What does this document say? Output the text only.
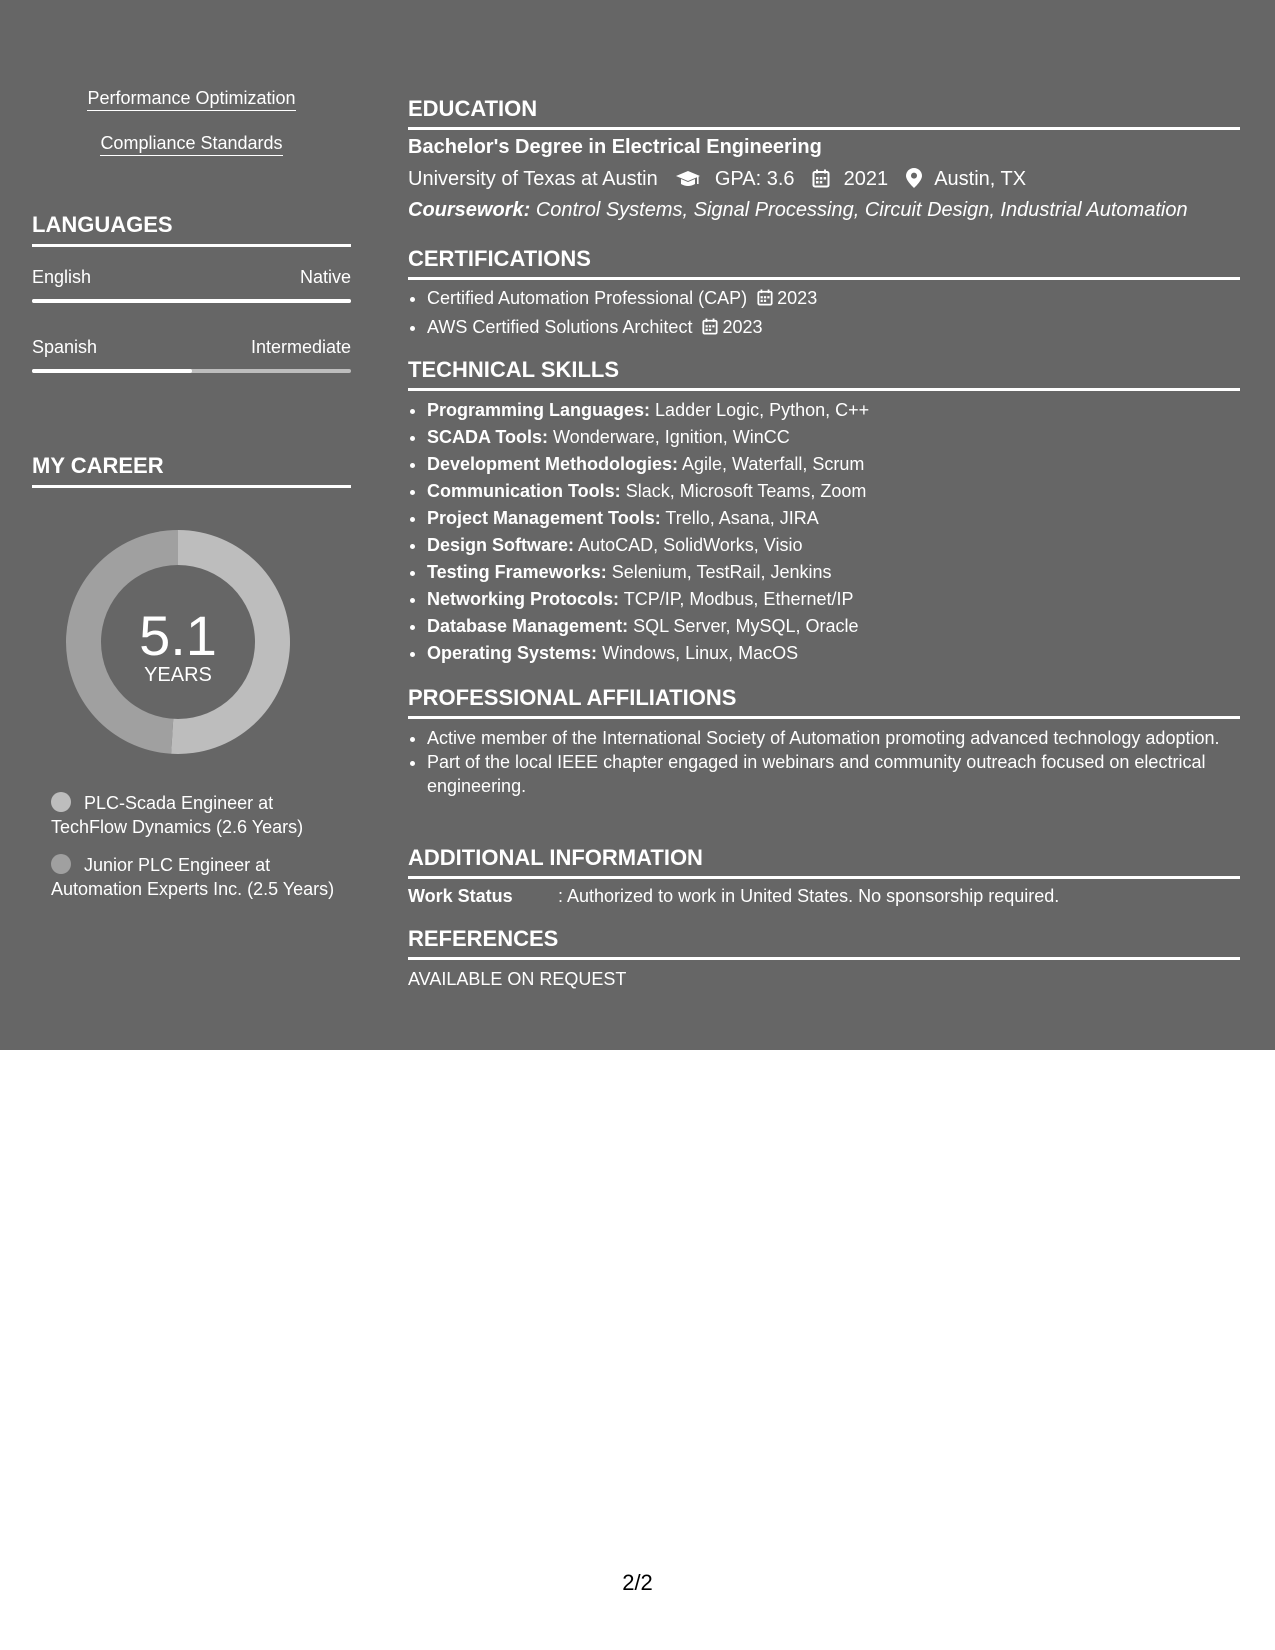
Performance Optimization
Compliance Standards
LANGUAGES
English	Native
Spanish	Intermediate
MY CAREER
5.1
YEARS
PLC-Scada Engineer at TechFlow Dynamics (2.6 Years)
Junior PLC Engineer at Automation Experts Inc. (2.5 Years)
EDUCATION
Bachelor's Degree in Electrical Engineering
University of Texas at Austin	GPA: 3.6 2021 Austin, TX
Coursework: Control Systems, Signal Processing, Circuit Design, Industrial Automation
CERTIFICATIONS
• Certified Automation Professional (CAP) 2023
• AWS Certified Solutions Architect 2023
TECHNICAL SKILLS
• Programming Languages: Ladder Logic, Python, C++
• SCADA Tools: Wonderware, Ignition, WinCC
• Development Methodologies: Agile, Waterfall, Scrum
• Communication Tools: Slack, Microsoft Teams, Zoom
• Project Management Tools: Trello, Asana, JIRA
• Design Software: AutoCAD, SolidWorks, Visio
• Testing Frameworks: Selenium, TestRail, Jenkins
• Networking Protocols: TCP/IP, Modbus, Ethernet/IP
• Database Management: SQL Server, MySQL, Oracle
• Operating Systems: Windows, Linux, MacOS
PROFESSIONAL AFFILIATIONS
• Active member of the International Society of Automation promoting advanced technology adoption.
• Part of the local IEEE chapter engaged in webinars and community outreach focused on electrical engineering.
ADDITIONAL INFORMATION
Work Status	: Authorized to work in United States. No sponsorship required.
REFERENCES
AVAILABLE ON REQUEST
2/2
